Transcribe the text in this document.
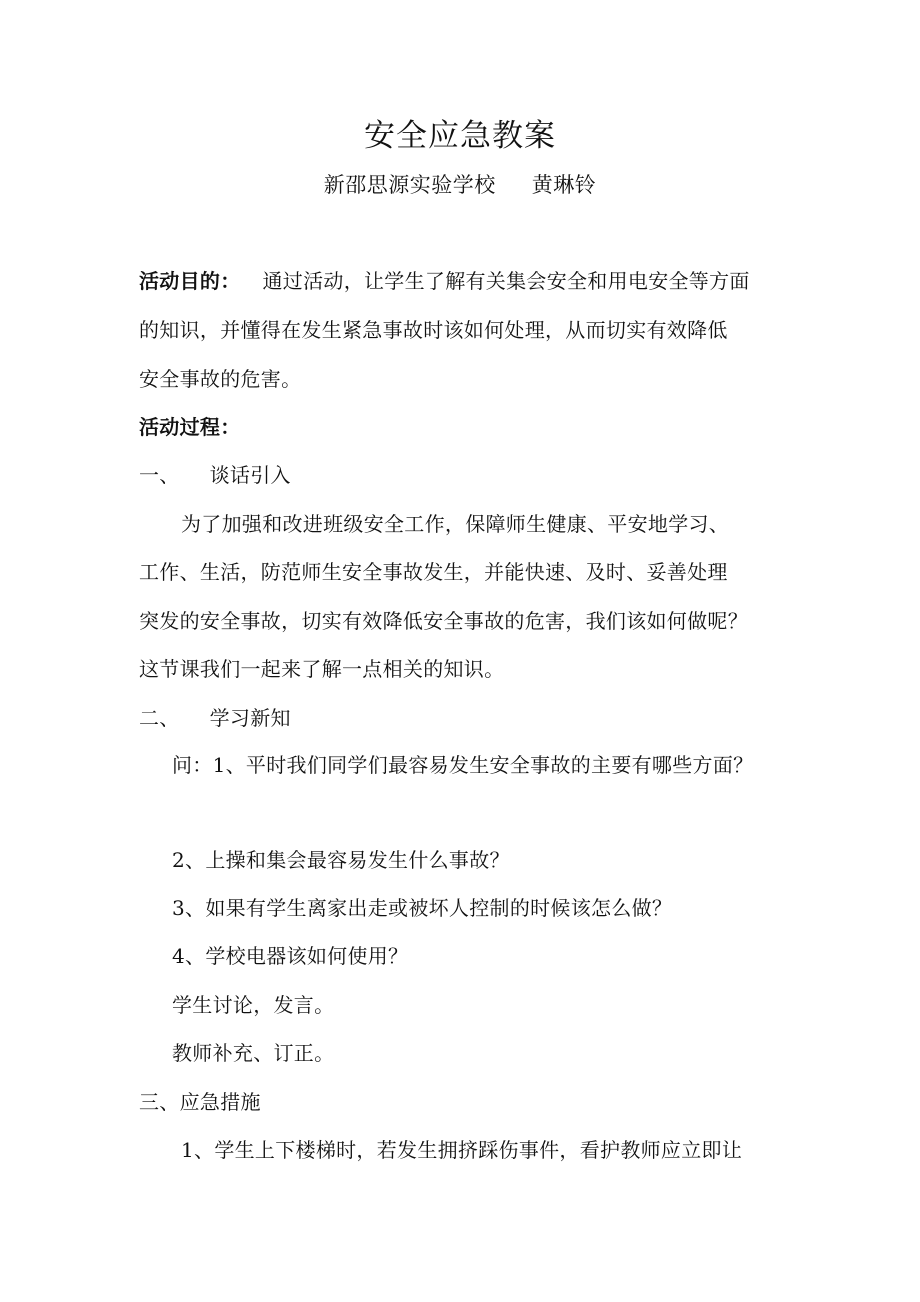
安全应急教案
新邵思源实验学校 黄琳铃
活动目的： 通过活动，让学生了解有关集会安全和用电安全等方面
的知识，并懂得在发生紧急事故时该如何处理，从而切实有效降低
安全事故的危害。
活动过程：
一、 谈话引入
为了加强和改进班级安全工作，保障师生健康、平安地学习、
工作、生活，防范师生安全事故发生，并能快速、及时、妥善处理
突发的安全事故，切实有效降低安全事故的危害，我们该如何做呢？
这节课我们一起来了解一点相关的知识。
二、 学习新知
问：1、平时我们同学们最容易发生安全事故的主要有哪些方面？
2、上操和集会最容易发生什么事故？
3、如果有学生离家出走或被坏人控制的时候该怎么做？
4、学校电器该如何使用？
学生讨论，发言。
教师补充、订正。
三、应急措施
1、学生上下楼梯时，若发生拥挤踩伤事件，看护教师应立即让
